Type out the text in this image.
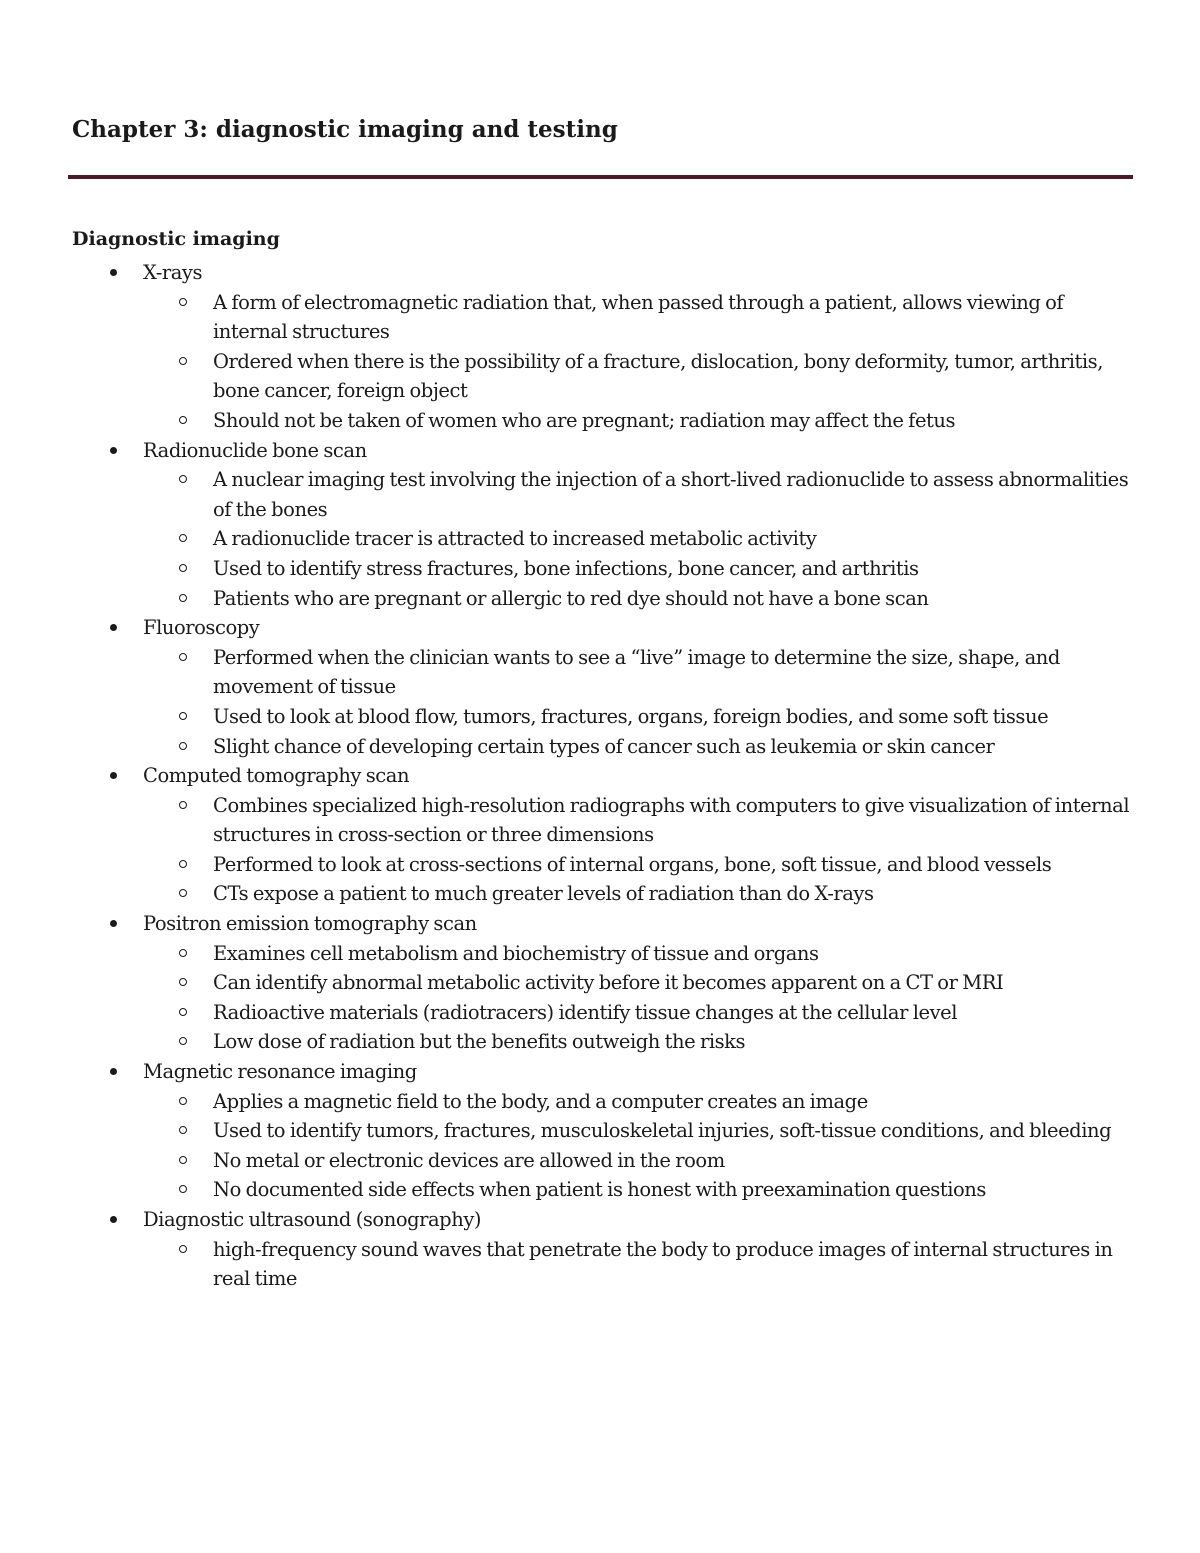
Chapter 3: diagnostic imaging and testing
Diagnostic imaging
X-rays
A form of electromagnetic radiation that, when passed through a patient, allows viewing of internal structures
Ordered when there is the possibility of a fracture, dislocation, bony deformity, tumor, arthritis, bone cancer, foreign object
Should not be taken of women who are pregnant; radiation may affect the fetus
Radionuclide bone scan
A nuclear imaging test involving the injection of a short-lived radionuclide to assess abnormalities of the bones
A radionuclide tracer is attracted to increased metabolic activity
Used to identify stress fractures, bone infections, bone cancer, and arthritis
Patients who are pregnant or allergic to red dye should not have a bone scan
Fluoroscopy
Performed when the clinician wants to see a “live” image to determine the size, shape, and movement of tissue
Used to look at blood flow, tumors, fractures, organs, foreign bodies, and some soft tissue
Slight chance of developing certain types of cancer such as leukemia or skin cancer
Computed tomography scan
Combines specialized high-resolution radiographs with computers to give visualization of internal structures in cross-section or three dimensions
Performed to look at cross-sections of internal organs, bone, soft tissue, and blood vessels
CTs expose a patient to much greater levels of radiation than do X-rays
Positron emission tomography scan
Examines cell metabolism and biochemistry of tissue and organs
Can identify abnormal metabolic activity before it becomes apparent on a CT or MRI
Radioactive materials (radiotracers) identify tissue changes at the cellular level
Low dose of radiation but the benefits outweigh the risks
Magnetic resonance imaging
Applies a magnetic field to the body, and a computer creates an image
Used to identify tumors, fractures, musculoskeletal injuries, soft-tissue conditions, and bleeding
No metal or electronic devices are allowed in the room
No documented side effects when patient is honest with preexamination questions
Diagnostic ultrasound (sonography)
high-frequency sound waves that penetrate the body to produce images of internal structures in real time
